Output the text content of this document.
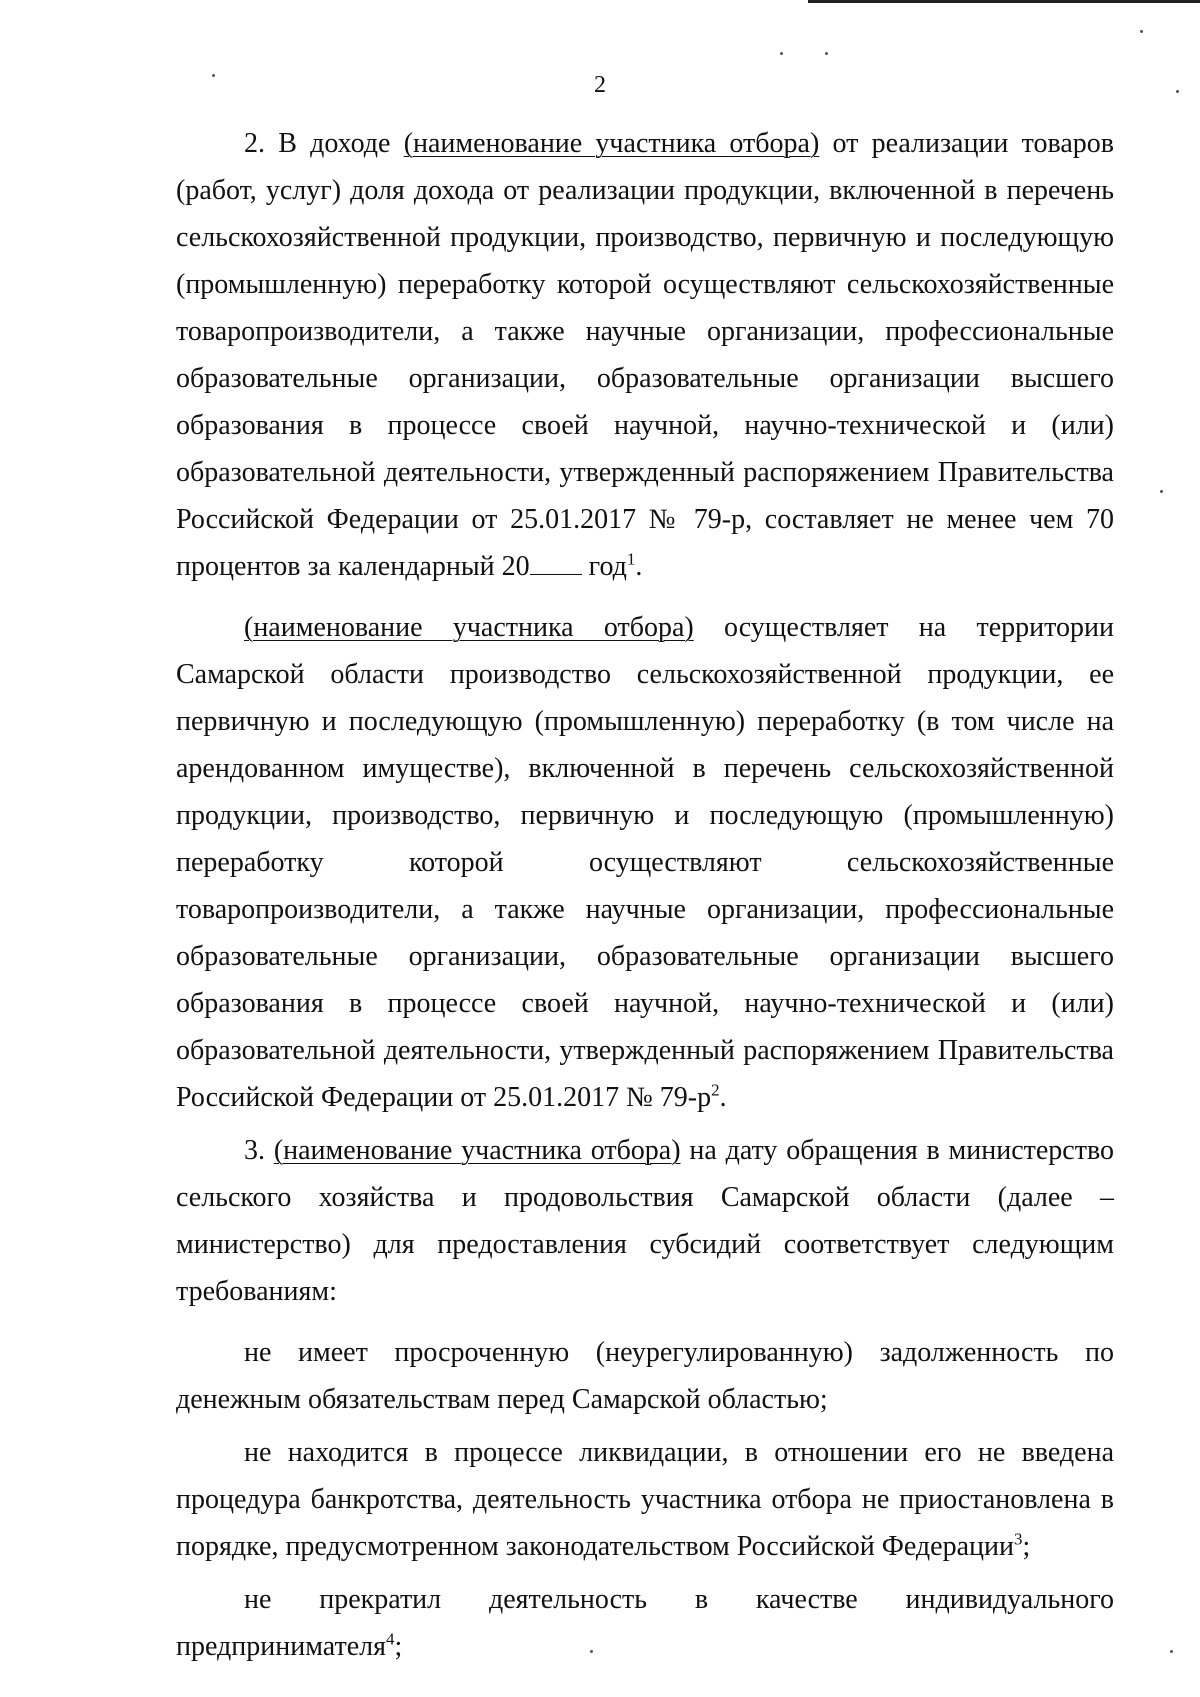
2

2. В доходе (наименование участника отбора) от реализации товаров (работ, услуг) доля дохода от реализации продукции, включенной в перечень сельскохозяйственной продукции, производство, первичную и последующую (промышленную) переработку которой осуществляют сельскохозяйственные товаропроизводители, а также научные организации, профессиональные образовательные организации, образовательные организации высшего образования в процессе своей научной, научно-технической и (или) образовательной деятельности, утвержденный распоряжением Правительства Российской Федерации от 25.01.2017 № 79-р, составляет не менее чем 70 процентов за календарный 20 год$^1$.

(наименование участника отбора) осуществляет на территории Самарской области производство сельскохозяйственной продукции, ее первичную и последующую (промышленную) переработку (в том числе на арендованном имуществе), включенной в перечень сельскохозяйственной продукции, производство, первичную и последующую (промышленную) переработку которой осуществляют сельскохозяйственные товаропроизводители, а также научные организации, профессиональные образовательные организации, образовательные организации высшего образования в процессе своей научной, научно-технической и (или) образовательной деятельности, утвержденный распоряжением Правительства Российской Федерации от 25.01.2017 № $79-р^2$.

3. (наименование участника отбора) на дату обращения в министерство сельского хозяйства и продовольствия Самарской области (далее – министерство) для предоставления субсидий соответствует следующим требованиям:

не имеет просроченную (неурегулированную) задолженность по денежным обязательствам перед Самарской областью;

не находится в процессе ликвидации, в отношении его не введена процедура банкротства, деятельность участника отбора не приостановлена в порядке, предусмотренном законодательством Российской Федерации$^3$;

не прекратил деятельность в качестве индивидуального предпринимателя$^4$;
